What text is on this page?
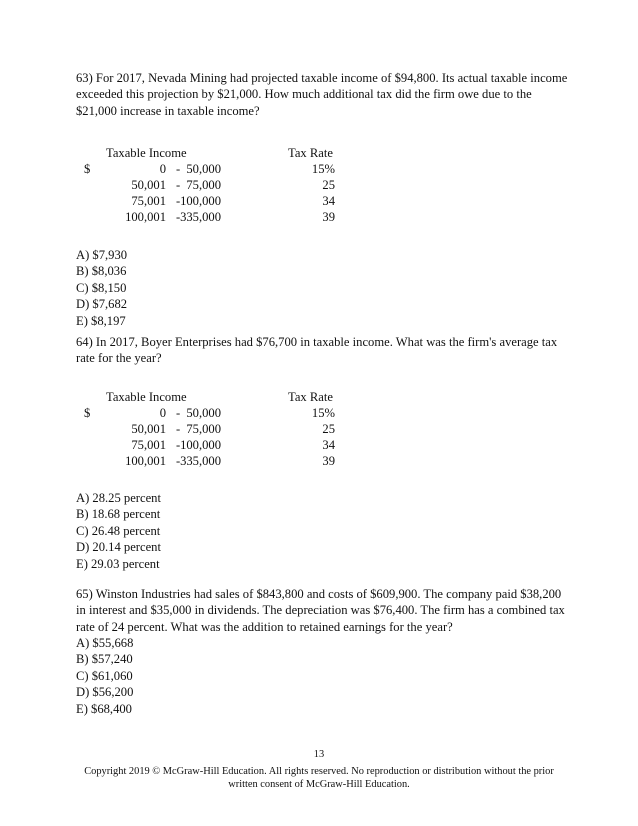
63) For 2017, Nevada Mining had projected taxable income of $94,800. Its actual taxable income exceeded this projection by $21,000. How much additional tax did the firm owe due to the $21,000 increase in taxable income?

Taxable Income	Tax Rate
$	0 - 50,000	15%
50,001 - 75,000	25
75,001 - 100,000	34
100,001 - 335,000	39
A) $7,930
B) $8,036
C) $8,150
D) $7,682
E) $8,197

64) In 2017, Boyer Enterprises had $76,700 in taxable income. What was the firm's average tax rate for the year?

Taxable Income	Tax Rate
$	0 - 50,000	15%
50,001 - 75,000	25
75,001 - 100,000	34
100,001 - 335,000	39
A) 28.25 percent
B) 18.68 percent
C) 26.48 percent
D) 20.14 percent
E) 29.03 percent

65) Winston Industries had sales of $843,800 and costs of $609,900. The company paid $38,200 in interest and $35,000 in dividends. The depreciation was $76,400. The firm has a combined tax rate of 24 percent. What was the addition to retained earnings for the year?

A) $55,668
B) $57,240
C) $61,060
D) $56,200
E) $68,400
13
Copyright 2019 © McGraw-Hill Education. All rights reserved. No reproduction or distribution without the prior
written consent of McGraw-Hill Education.
